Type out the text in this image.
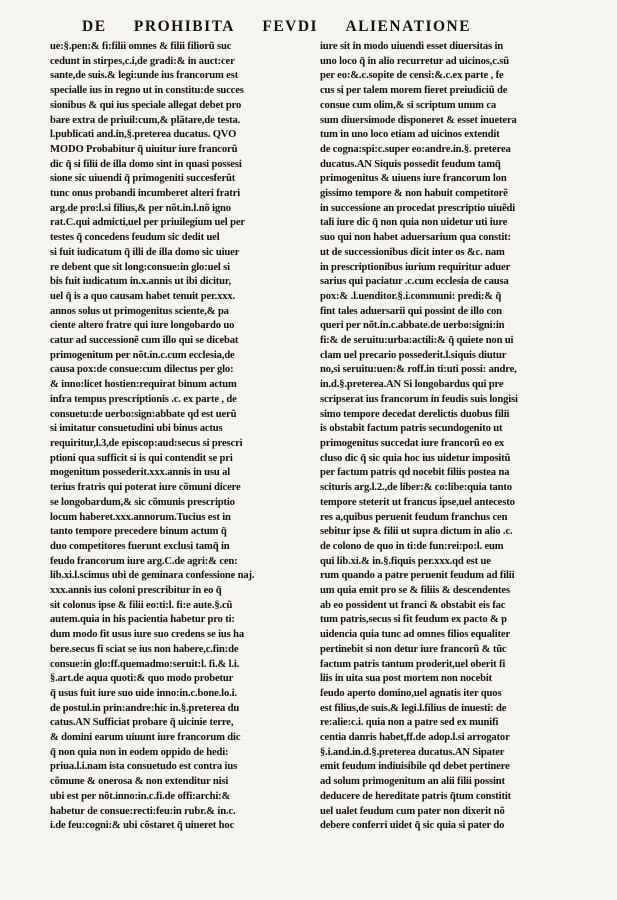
DE PROHIBITA FEVDI ALIENATIONE
ue:§.pen:& fi:filii omnes & filii filiorũ suc
cedunt in stirpes,c.i,de gradi:& in auct:cer
sante,de suis.& legi:unde ius francorum est
specialle ius in regno ut in constitu:de succes
sionibus & qui ius speciale allegat debet pro
bare extra de priuil:cum,& plãtare,de testa.
l.publicati and.in,§.preterea ducatus. QVO
MODO Probabitur q̃ uiuitur iure francorũ
dic q̃ si filii de illa domo sint in quasi possesi
sione sic uiuendi q̃ primogeniti succesferũt
tunc onus probandi incumberet alteri fratri
arg.de pro:l.si filius,& per nõt.in.l.nõ igno
rat.C.qui admicti,uel per priuilegium uel per
testes q̃ concedens feudum sic dedit uel
si fuit iudicatum q̃ illi de illa domo sic uiuer
re debent que sit long:consue:in glo:uel si
bis fuit iudicatum in.x.annis ut ibi dicitur,
uel q̃ is a quo causam habet tenuit per.xxx.
annos solus ut primogenitus sciente,& pa
ciente altero fratre qui iure longobardo uo
catur ad successionẽ cum illo qui se dicebat
primogenitum per nõt.in.c.cum ecclesia,de
causa pox:de consue:cum dilectus per glo:
& inno:licet hostien:requirat binum actum
infra tempus prescriptionis .c. ex parte , de
consuetu:de uerbo:sign:abbate qd est uerũ
si imitatur consuetudini ubi binus actus
requiritur,l.3,de episcop:aud:secus si prescri
ptioni qua sufficit si is qui contendit se pri
mogenitum possederit.xxx.annis in usu al
terius fratris qui poterat iure cõmuni dicere
se longobardum,& sic cõmunis prescriptio
locum haberet.xxx.annorum.Tucius est in
tanto tempore precedere binum actum q̃
duo competitores fuerunt exclusi tamq̃ in
feudo francorum iure arg.C.de agri:& cen:
lib.xi.l.scimus ubi de geminara confessione naj.
xxx.annis ius coloni prescribitur in eo q̃
sit colonus ipse & filii eo:ti:l. fi:e aute.§.cũ
autem.quia in his pacientia habetur pro ti:
dum modo fit usus iure suo credens se ius ha
bere.secus fi sciat se ius non habere,c.fin:de
consue:in glo:ff.quemadmo:seruit:l. fi.& l.i.
§.art.de aqua quoti:& quo modo probetur
q̃ usus fuit iure suo uide inno:in.c.bone.lo.i.
de postul.in prin:andre:hic in.§.preterea du
catus.AN Sufficiat probare q̃ uicinie terre,
& domini earum uiuunt iure francorum dic
q̃ non quia non in eodem oppido de hedi:
priua.l.i.nam ista consuetudo est contra ius
cõmune & onerosa & non extenditur nisi
ubi est per nõt.inno:in.c.fi.de offi:archi:&
habetur de consue:recti:feu:in rubr.& in.c.
i.de feu:cogni:& ubi cõstaret q̃ uiueret hoc
iure sit in modo uiuendi esset diuersitas in
uno loco q̃ in alio recurretur ad uicinos,c.sũ
per eo:&.c.sopite de censi:&.c.ex parte , fe
cus si per talem morem fieret preiudiciũ de
consue cum olim,& si scriptum unum ca
sum diuersimode disponeret & esset inuetera
tum in uno loco etiam ad uicinos extendit
de cogna:spi:c.super eo:andre.in.§. preterea
ducatus.AN Siquis possedit feudum tamq̃
primogenitus & uiuens iure francorum lon
gissimo tempore & non habuit competitorẽ
in successione an procedat prescriptio uiuẽdi
tali iure dic q̃ non quia non uidetur uti iure
suo qui non habet aduersarium qua constit:
ut de successionibus dicit inter os &c. nam
in prescriptionibus iurium requiritur aduer
sarius qui paciatur .c.cum ecclesia de causa
pox:& .l.uenditor.§.i.communi: predi:& q̃
fint tales aduersarii qui possint de illo con
queri per nõt.in.c.abbate.de uerbo:signi:in
fi:& de seruitu:urba:actili:& q̃ quiete non ui
clam uel precario possederit.l.siquis diutur
no,si seruitu:uen:& roff.in ti:uti possi: andre,
in.d.§.preterea.AN Si longobardus qui pre
scripserat ius francorum in feudis suis longisi
simo tempore decedat derelictis duobus filii
is obstabit factum patris secundogenito ut
primogenitus succedat iure francorũ eo ex
cluso dic q̃ sic quia hoc ius uidetur impositũ
per factum patris qd nocebit filiis postea na
scituris arg.l.2.,de liber:& co:libe:quia tanto
tempore steterit ut francus ipse,uel antecesto
res a,quibus peruenit feudum franchus cen
sebitur ipse & filii ut supra dictum in alio .c.
de colono de quo in ti:de fun:rei:po:l. eum
qui lib.xi.& in.§.fiquis per.xxx.qd est ue
rum quando a patre peruenit feudum ad filii
um quia emit pro se & filiis & descendentes
ab eo possident ut franci & obstabit eis fac
tum patris,secus si fit feudum ex pacto & p
uidencia quia tunc ad omnes filios equaliter
pertinebit si non detur iure francorũ & tũc
factum patris tantum proderit,uel oberit fi
liis in uita sua post mortem non nocebit
feudo aperto domino,uel agnatis iter quos
est filius,de suis.& legi.l.filius de inuesti: de
re:alie:c.i. quia non a patre sed ex munifi
centia danris habet,ff.de adop.l.si arrogator
§.i.and.in.d.§.preterea ducatus.AN Sipater
emit feudum indiuisibile qd debet pertinere
ad solum primogenitum an alii filii possint
deducere de hereditate patris q̃tum constitit
uel ualet feudum cum pater non dixerit nõ
debere conferri uidet q̃ sic quia si pater do
